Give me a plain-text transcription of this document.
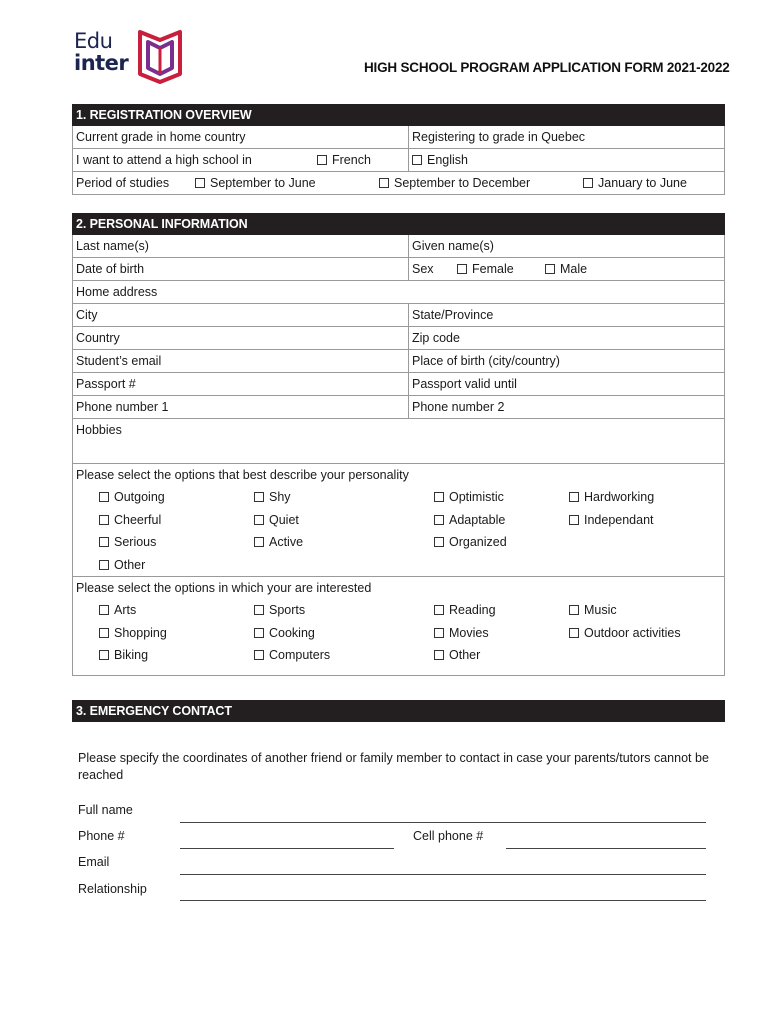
Edu
inter	HIGH SCHOOL PROGRAM APPLICATION FORM 2021-2022
1. REGISTRATION OVERVIEW
Current grade in home country	Registering to grade in Quebec
I want to attend a high school in	French	English
Period of studies	September to June	September to December	January to June
2. PERSONAL INFORMATION
Last name(s)	Given name(s)
Date of birth	Sex	Female	Male
Home address
City	State/Province
Country	Zip code
Student’s email	Place of birth (city/country)
Passport #	Passport valid until
Phone number 1	Phone number 2
Hobbies
Please select the options that best describe your personality
Outgoing	Shy	Optimistic	Hardworking
Cheerful	Quiet	Adaptable	Independant
Serious	Active	Organized
Other
Please select the options in which your are interested
Arts	Sports	Reading	Music
Shopping	Cooking	Movies	Outdoor activities
Biking	Computers	Other
3. EMERGENCY CONTACT
Please specify the coordinates of another friend or family member to contact in case your parents/tutors cannot be reached
Full name
Phone #	Cell phone #
Email
Relationship
